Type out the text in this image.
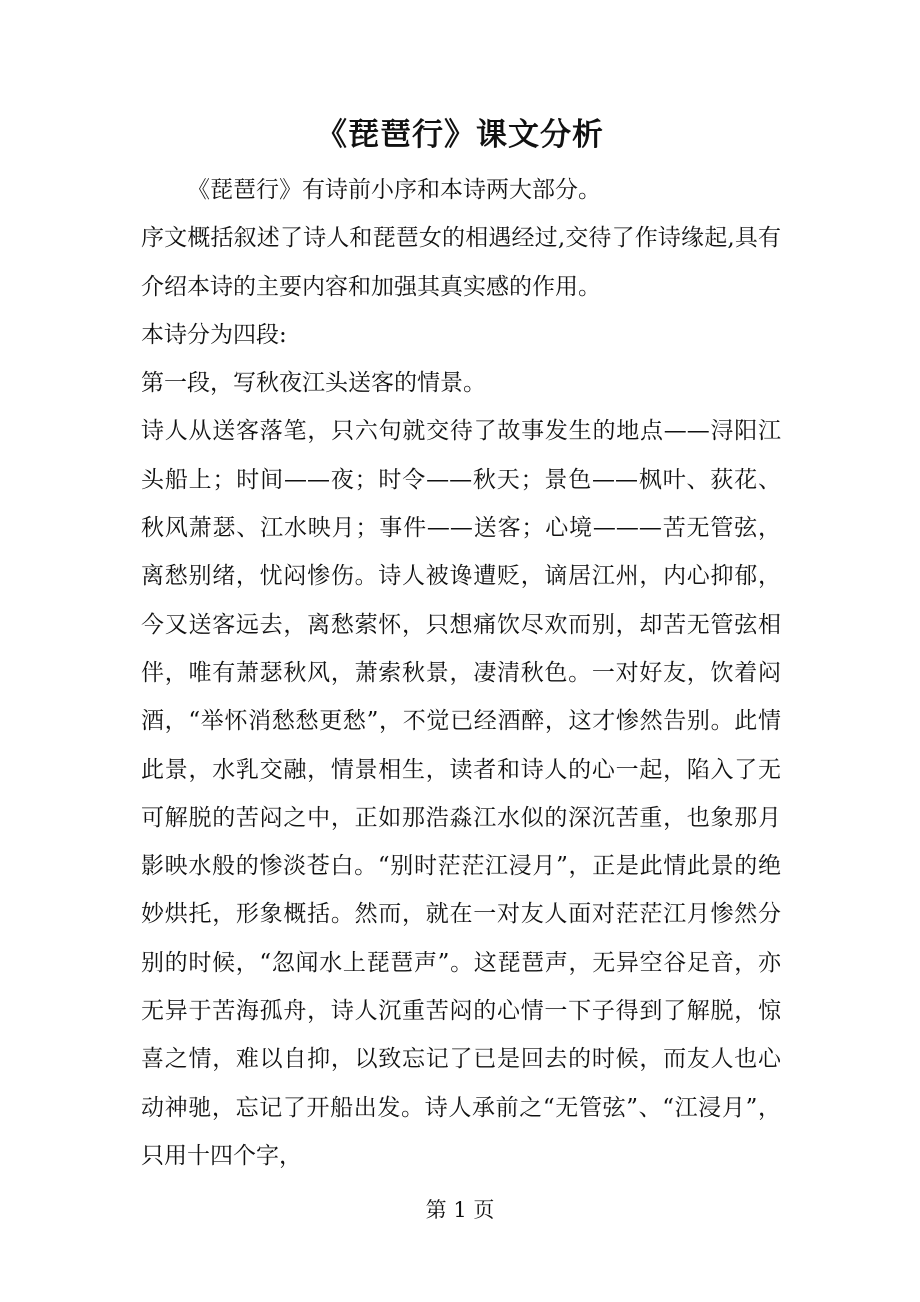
《琵琶行》课文分析

《琵琶行》有诗前小序和本诗两大部分。

序文概括叙述了诗人和琵琶女的相遇经过,交待了作诗缘起,具有介绍本诗的主要内容和加强其真实感的作用。

本诗分为四段:

第一段，写秋夜江头送客的情景。

诗人从送客落笔，只六句就交待了故事发生的地点——浔阳江头船上；时间——夜；时令——秋天；景色——枫叶、荻花、秋风萧瑟、江水映月；事件——送客；心境———苦无管弦，离愁别绪，忧闷惨伤。诗人被谗遭贬，谪居江州，内心抑郁，今又送客远去，离愁萦怀，只想痛饮尽欢而别，却苦无管弦相伴，唯有萧瑟秋风，萧索秋景，凄清秋色。一对好友，饮着闷酒，“举怀消愁愁更愁”，不觉已经酒醉，这才惨然告别。此情此景，水乳交融，情景相生，读者和诗人的心一起，陷入了无可解脱的苦闷之中，正如那浩淼江水似的深沉苦重，也象那月影映水般的惨淡苍白。“别时茫茫江浸月”，正是此情此景的绝妙烘托，形象概括。然而，就在一对友人面对茫茫江月惨然分别的时候，“忽闻水上琵琶声”。这琵琶声，无异空谷足音，亦无异于苦海孤舟，诗人沉重苦闷的心情一下子得到了解脱，惊喜之情，难以自抑，以致忘记了已是回去的时候，而友人也心动神驰，忘记了开船出发。诗人承前之“无管弦”、“江浸月”，只用十四个字，

第 1 页
